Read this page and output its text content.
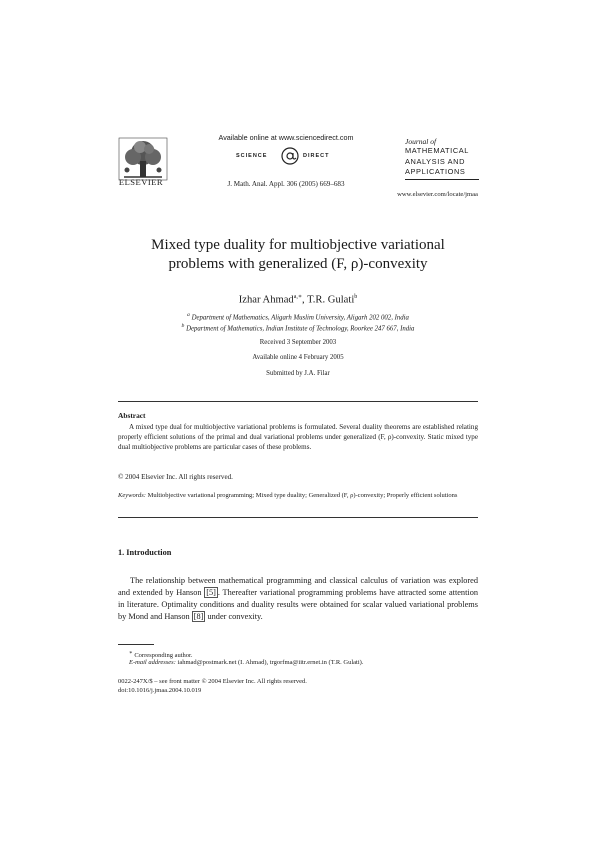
ELSEVIER
Available online at www.sciencedirect.com
SCIENCE	DIRECT
J. Math. Anal. Appl. 306 (2005) 669–683
Journal of
MATHEMATICAL
ANALYSIS AND
APPLICATIONS
www.elsevier.com/locate/jmaa
Mixed type duality for multiobjective variational
problems with generalized (F, ρ)-convexity
Izhar Ahmad$^{a,∗}$, T.R. Gulati$^b$
$^a$ Department of Mathematics, Aligarh Muslim University, Aligarh 202 002, India
$^b$ Department of Mathematics, Indian Institute of Technology, Roorkee 247 667, India
Received 3 September 2003
Available online 4 February 2005
Submitted by J.A. Filar
Abstract

A mixed type dual for multiobjective variational problems is formulated. Several duality theorems are established relating properly efficient solutions of the primal and dual variational problems under generalized (F, ρ)-convexity. Static mixed type dual multiobjective problems are particular cases of these problems.

© 2004 Elsevier Inc. All rights reserved.
Keywords: Multiobjective variational programming; Mixed type duality; Generalized (F, ρ)-convexity; Properly efficient solutions
1. Introduction

The relationship between mathematical programming and classical calculus of variation was explored and extended by Hanson [5] . Thereafter variational programming problems have attracted some attention in literature. Optimality conditions and duality results were obtained for scalar valued variational problems by Mond and Hanson [8] under convexity.

∗ Corresponding author.
E-mail addresses: iahmad@postmark.net (I. Ahmad), trgorfma@iitr.ernet.in (T.R. Gulati).
0022-247X/$ – see front matter © 2004 Elsevier Inc. All rights reserved.
doi:10.1016/j.jmaa.2004.10.019
